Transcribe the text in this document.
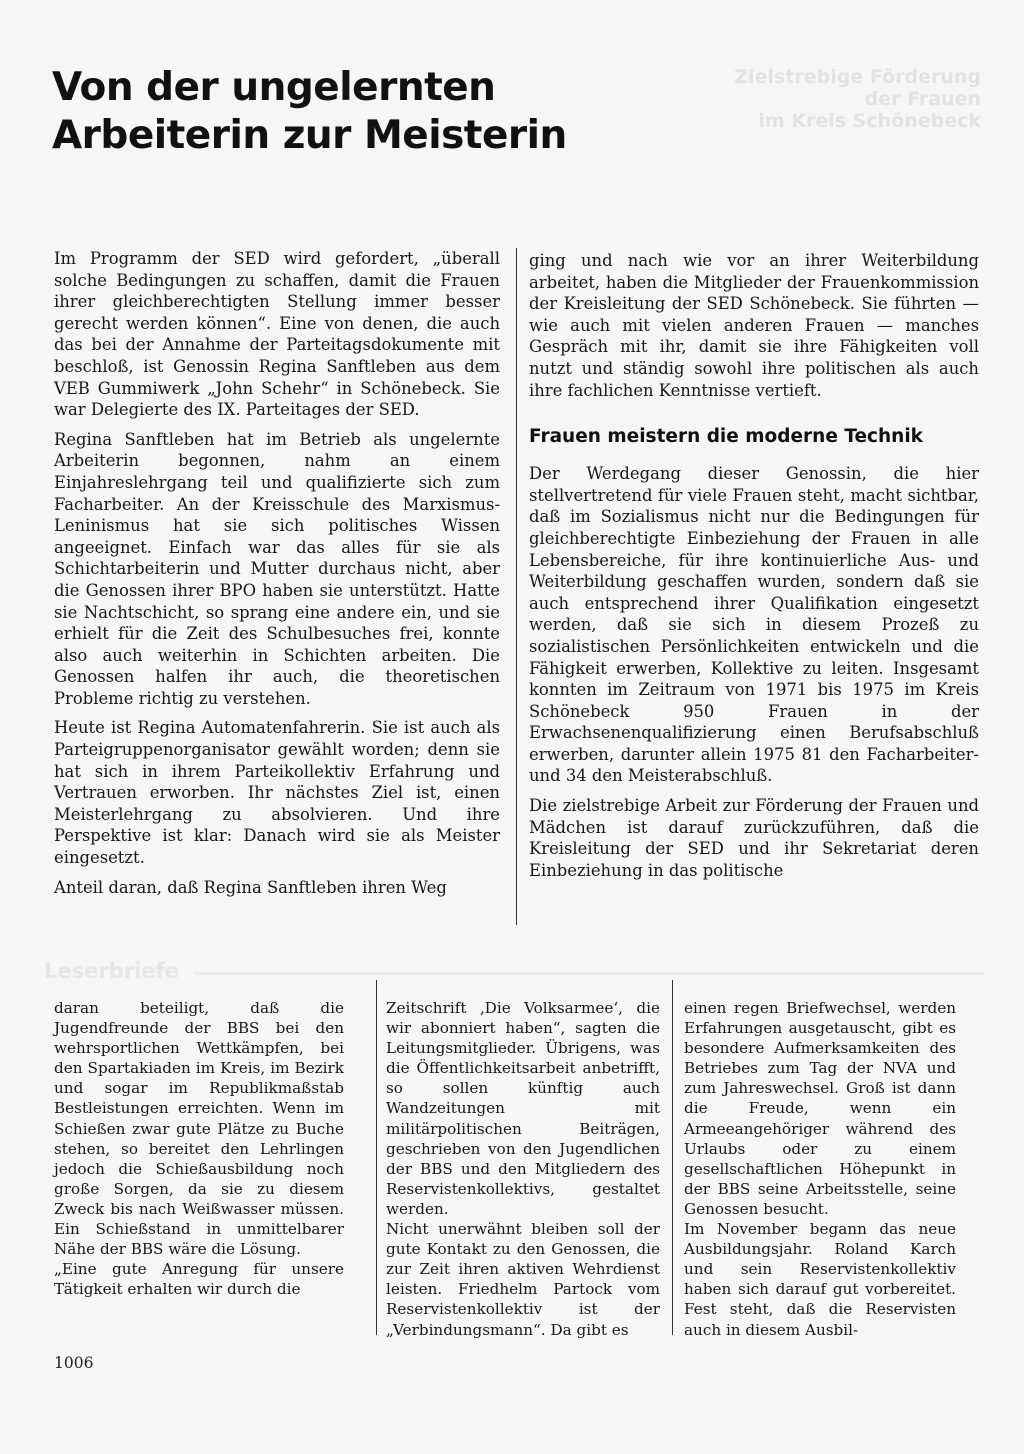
Von der ungelernten
Arbeiterin zur Meisterin
Zielstrebige Förderung
der Frauen
im Kreis Schönebeck

Im Programm der SED wird gefordert, „überall solche Bedingungen zu schaffen, damit die Frauen ihrer gleichberechtigten Stellung immer besser gerecht werden können“. Eine von denen, die auch das bei der Annahme der Parteitagsdokumente mit beschloß, ist Genossin Regina Sanftleben aus dem VEB Gummiwerk „John Schehr“ in Schönebeck. Sie war Delegierte des IX. Parteitages der SED.

Regina Sanftleben hat im Betrieb als ungelernte Arbeiterin begonnen, nahm an einem Einjahreslehrgang teil und qualifizierte sich zum Facharbeiter. An der Kreisschule des Marxismus-Leninismus hat sie sich politisches Wissen angeeignet. Einfach war das alles für sie als Schichtarbeiterin und Mutter durchaus nicht, aber die Genossen ihrer BPO haben sie unterstützt. Hatte sie Nachtschicht, so sprang eine andere ein, und sie erhielt für die Zeit des Schulbesuches frei, konnte also auch weiterhin in Schichten arbeiten. Die Genossen halfen ihr auch, die theoretischen Probleme richtig zu verstehen.

Heute ist Regina Automatenfahrerin. Sie ist auch als Parteigruppenorganisator gewählt worden; denn sie hat sich in ihrem Parteikollektiv Erfahrung und Vertrauen erworben. Ihr nächstes Ziel ist, einen Meisterlehrgang zu absolvieren. Und ihre Perspektive ist klar: Danach wird sie als Meister eingesetzt.

Anteil daran, daß Regina Sanftleben ihren Weg

ging und nach wie vor an ihrer Weiterbildung arbeitet, haben die Mitglieder der Frauenkommission der Kreisleitung der SED Schönebeck. Sie führten — wie auch mit vielen anderen Frauen — manches Gespräch mit ihr, damit sie ihre Fähigkeiten voll nutzt und ständig sowohl ihre politischen als auch ihre fachlichen Kenntnisse vertieft.

Frauen meistern die moderne Technik

Der Werdegang dieser Genossin, die hier stellvertretend für viele Frauen steht, macht sichtbar, daß im Sozialismus nicht nur die Bedingungen für gleichberechtigte Einbeziehung der Frauen in alle Lebensbereiche, für ihre kontinuierliche Aus- und Weiterbildung geschaffen wurden, sondern daß sie auch entsprechend ihrer Qualifikation eingesetzt werden, daß sie sich in diesem Prozeß zu sozialistischen Persönlichkeiten entwickeln und die Fähigkeit erwerben, Kollektive zu leiten. Insgesamt konnten im Zeitraum von 1971 bis 1975 im Kreis Schönebeck 950 Frauen in der Erwachsenenqualifizierung einen Berufsabschluß erwerben, darunter allein 1975 81 den Facharbeiter- und 34 den Meisterabschluß.

Die zielstrebige Arbeit zur Förderung der Frauen und Mädchen ist darauf zurückzuführen, daß die Kreisleitung der SED und ihr Sekretariat deren Einbeziehung in das politische

Leserbriefe

daran beteiligt, daß die Jugendfreunde der BBS bei den wehrsportlichen Wettkämpfen, bei den Spartakiaden im Kreis, im Bezirk und sogar im Republikmaßstab Bestleistungen erreichten. Wenn im Schießen zwar gute Plätze zu Buche stehen, so bereitet den Lehrlingen jedoch die Schießausbildung noch große Sorgen, da sie zu diesem Zweck bis nach Weißwasser müssen. Ein Schießstand in unmittelbarer Nähe der BBS wäre die Lösung.

„Eine gute Anregung für unsere Tätigkeit erhalten wir durch die

Zeitschrift ‚Die Volksarmee‘, die wir abonniert haben“, sagten die Leitungsmitglieder. Übrigens, was die Öffentlichkeitsarbeit anbetrifft, so sollen künftig auch Wandzeitungen mit militärpolitischen Beiträgen, geschrieben von den Jugendlichen der BBS und den Mitgliedern des Reservistenkollektivs, gestaltet werden.

Nicht unerwähnt bleiben soll der gute Kontakt zu den Genossen, die zur Zeit ihren aktiven Wehrdienst leisten. Friedhelm Partock vom Reservistenkollektiv ist der „Verbindungsmann“. Da gibt es

einen regen Briefwechsel, werden Erfahrungen ausgetauscht, gibt es besondere Aufmerksamkeiten des Betriebes zum Tag der NVA und zum Jahreswechsel. Groß ist dann die Freude, wenn ein Armeeangehöriger während des Urlaubs oder zu einem gesellschaftlichen Höhepunkt in der BBS seine Arbeitsstelle, seine Genossen besucht.

Im November begann das neue Ausbildungsjahr. Roland Karch und sein Reservistenkollektiv haben sich darauf gut vorbereitet. Fest steht, daß die Reservisten auch in diesem Ausbil-

1006
